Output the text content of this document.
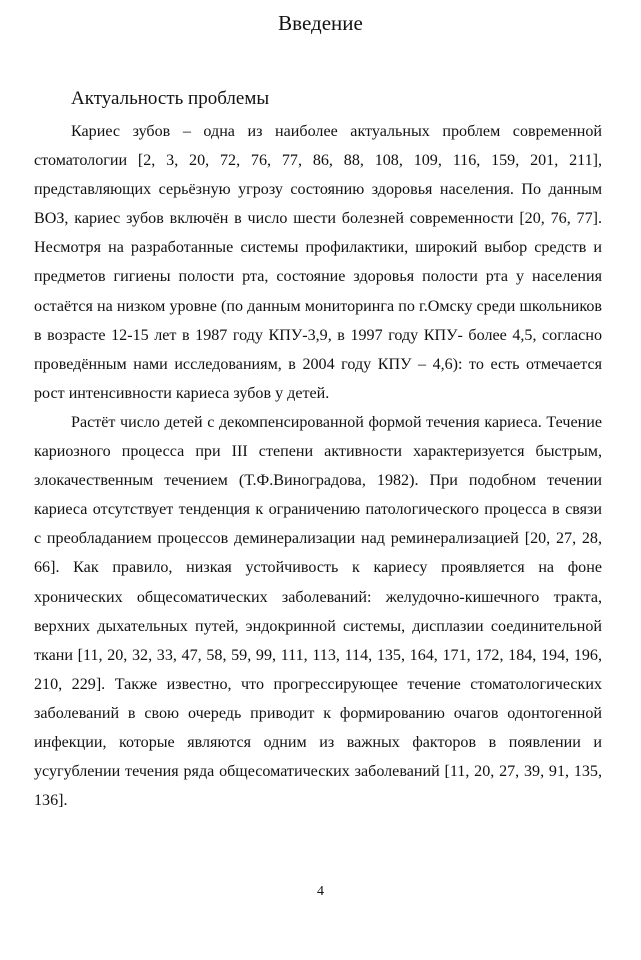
Введение
Актуальность проблемы

Кариес зубов – одна из наиболее актуальных проблем современной стоматологии [2, 3, 20, 72, 76, 77, 86, 88, 108, 109, 116, 159, 201, 211], представляющих серьёзную угрозу состоянию здоровья населения. По данным ВОЗ, кариес зубов включён в число шести болезней современности [20, 76, 77]. Несмотря на разработанные системы профилактики, широкий выбор средств и предметов гигиены полости рта, состояние здоровья полости рта у населения остаётся на низком уровне (по данным мониторинга по г.Омску среди школьников в возрасте 12-15 лет в 1987 году КПУ-3,9, в 1997 году КПУ- более 4,5, согласно проведённым нами исследованиям, в 2004 году КПУ – 4,6): то есть отмечается рост интенсивности кариеса зубов у детей.

Растёт число детей с декомпенсированной формой течения кариеса. Течение кариозного процесса при III степени активности характеризуется быстрым, злокачественным течением (Т.Ф.Виноградова, 1982). При подобном течении кариеса отсутствует тенденция к ограничению патологического процесса в связи с преобладанием процессов деминерализации над реминерализацией [20, 27, 28, 66]. Как правило, низкая устойчивость к кариесу проявляется на фоне хронических общесоматических заболеваний: желудочно-кишечного тракта, верхних дыхательных путей, эндокринной системы, дисплазии соединительной ткани [11, 20, 32, 33, 47, 58, 59, 99, 111, 113, 114, 135, 164, 171, 172, 184, 194, 196, 210, 229]. Также известно, что прогрессирующее течение стоматологических заболеваний в свою очередь приводит к формированию очагов одонтогенной инфекции, которые являются одним из важных факторов в появлении и усугублении течения ряда общесоматических заболеваний [11, 20, 27, 39, 91, 135, 136].

4
